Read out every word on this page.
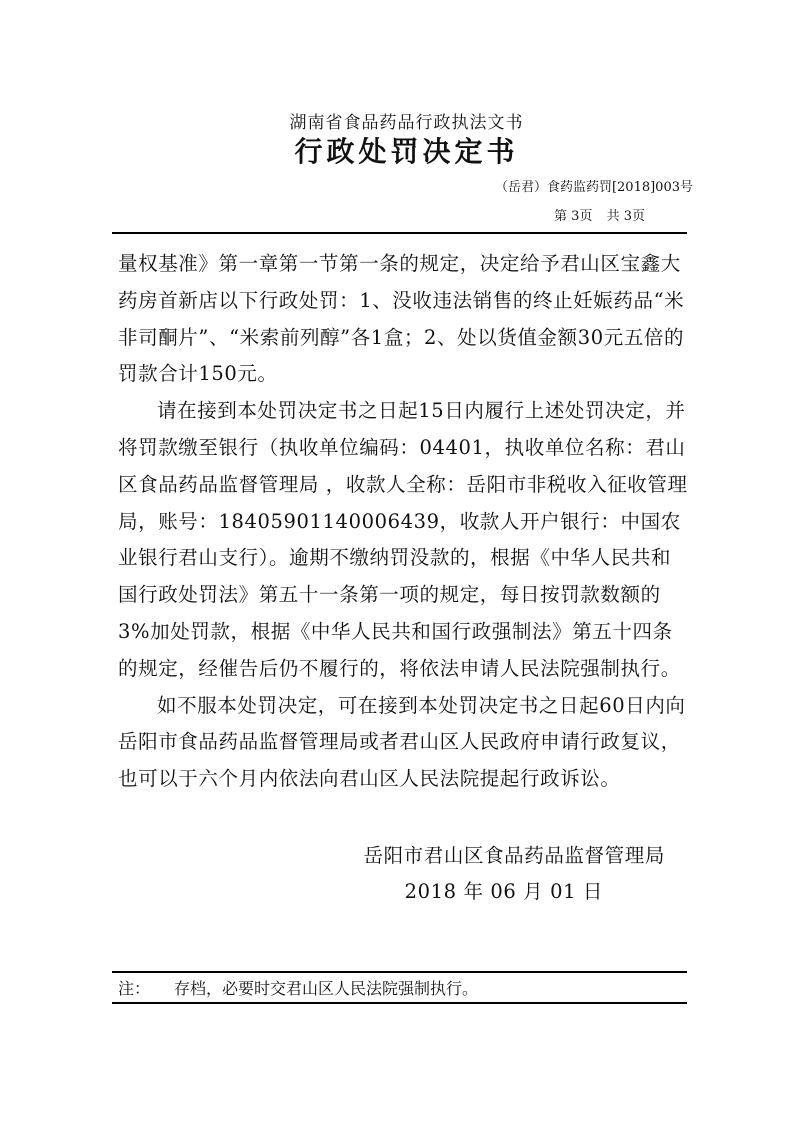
湖南省食品药品行政执法文书
行政处罚决定书
（岳君）食药监药罚[2018]003号
第 3页 共 3页

量权基准》第一章第一节第一条的规定，决定给予君山区宝鑫大药房首新店以下行政处罚：1、没收违法销售的终止妊娠药品“米非司酮片”、“米索前列醇”各1盒；2、处以货值金额30元五倍的罚款合计150元。

请在接到本处罚决定书之日起15日内履行上述处罚决定，并将罚款缴至银行（执收单位编码：04401，执收单位名称：君山区食品药品监督管理局 ，收款人全称：岳阳市非税收入征收管理局，账号：18405901140006439，收款人开户银行：中国农业银行君山支行）。逾期不缴纳罚没款的，根据《中华人民共和国行政处罚法》第五十一条第一项的规定，每日按罚款数额的3%加处罚款，根据《中华人民共和国行政强制法》第五十四条的规定，经催告后仍不履行的，将依法申请人民法院强制执行。

如不服本处罚决定，可在接到本处罚决定书之日起60日内向岳阳市食品药品监督管理局或者君山区人民政府申请行政复议，也可以于六个月内依法向君山区人民法院提起行政诉讼。

岳阳市君山区食品药品监督管理局
2018 年 06 月 01 日
注： 存档，必要时交君山区人民法院强制执行。
